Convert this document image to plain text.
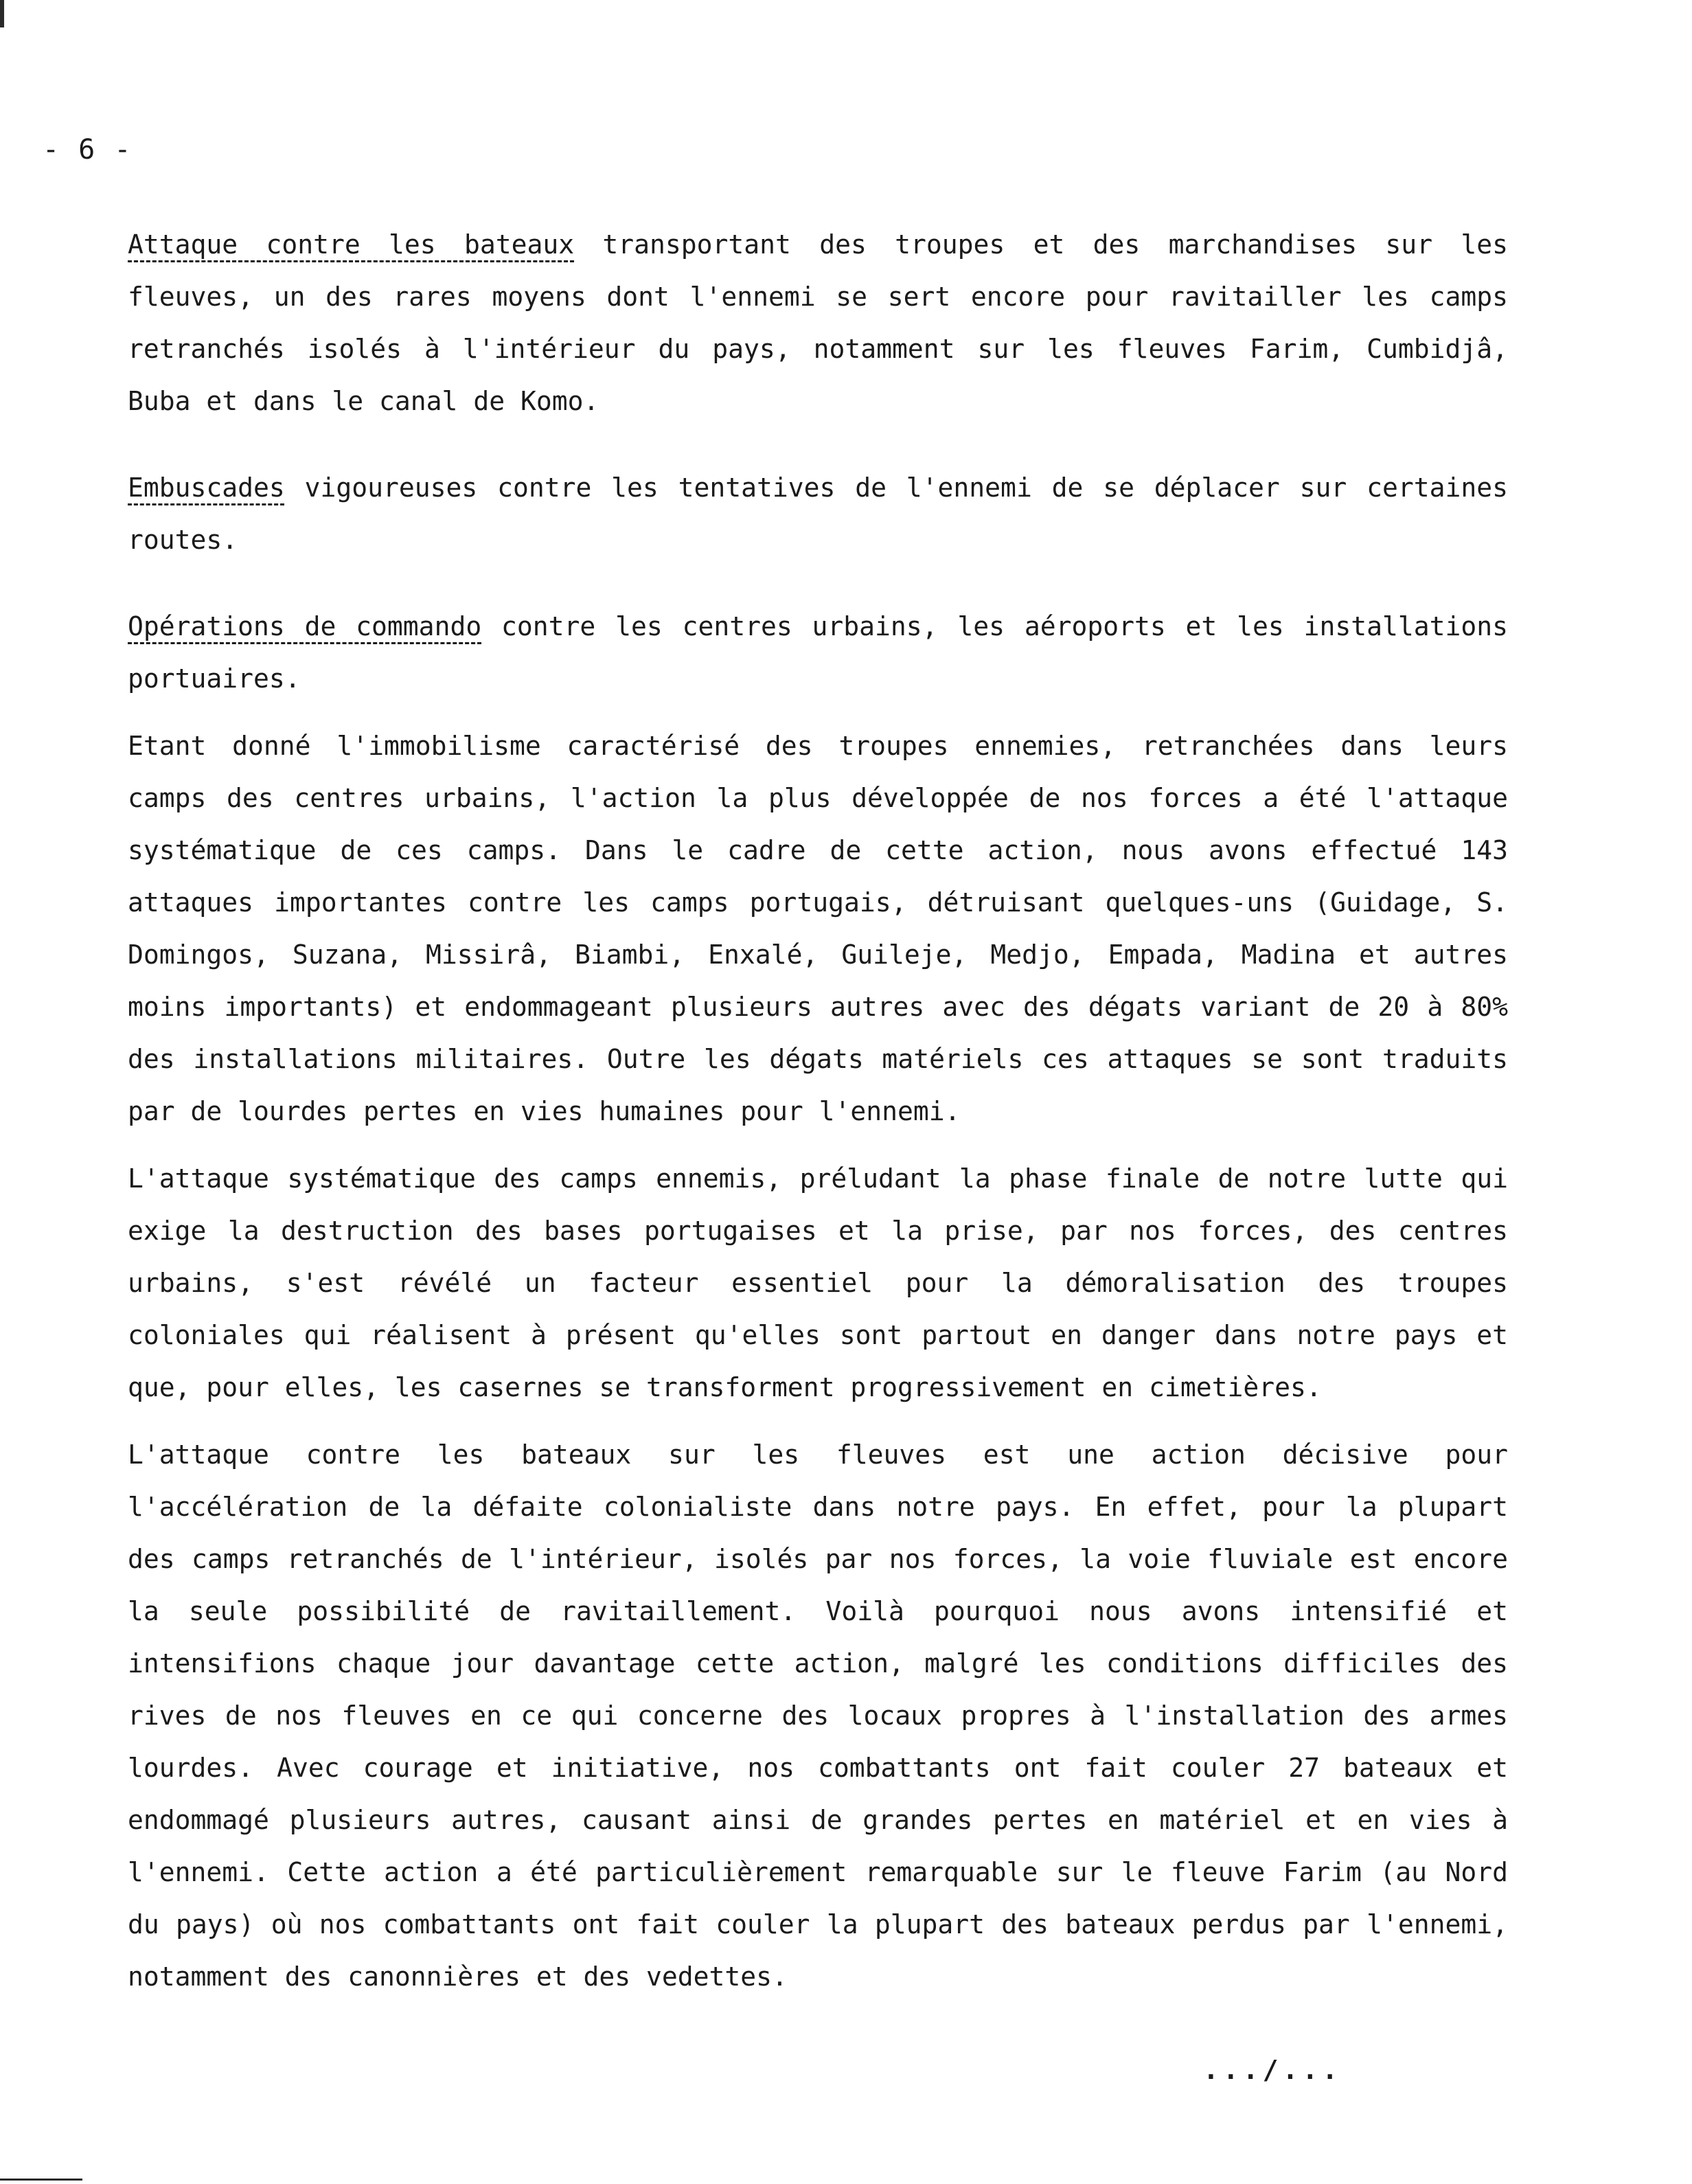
- 6 -

Attaque contre les bateaux transportant des troupes et des marchandises sur les fleuves, un des rares moyens dont l'ennemi se sert encore pour ravitailler les camps retranchés isolés à l'intérieur du pays, notamment sur les fleuves Farim, Cumbidjâ, Buba et dans le canal de Komo.

Embuscades vigoureuses contre les tentatives de l'ennemi de se déplacer sur certaines routes.

Opérations de commando contre les centres urbains, les aéroports et les installations portuaires.

Etant donné l'immobilisme caractérisé des troupes ennemies, retranchées dans leurs camps des centres urbains, l'action la plus développée de nos forces a été l'attaque systématique de ces camps. Dans le cadre de cette action, nous avons effectué 143 attaques importantes contre les camps portugais, détruisant quelques-uns (Guidage, S. Domingos, Suzana, Missirâ, Biambi, Enxalé, Guileje, Medjo, Empada, Madina et autres moins importants) et endommageant plusieurs autres avec des dégats variant de 20 à 80% des installations militaires. Outre les dégats matériels ces attaques se sont traduits par de lourdes pertes en vies humaines pour l'ennemi.

L'attaque systématique des camps ennemis, préludant la phase finale de notre lutte qui exige la destruction des bases portugaises et la prise, par nos forces, des centres urbains, s'est révélé un facteur essentiel pour la démoralisation des troupes coloniales qui réalisent à présent qu'elles sont partout en danger dans notre pays et que, pour elles, les casernes se transforment progressivement en cimetières.

L'attaque contre les bateaux sur les fleuves est une action décisive pour l'accélération de la défaite colonialiste dans notre pays. En effet, pour la plupart des camps retranchés de l'intérieur, isolés par nos forces, la voie fluviale est encore la seule possibilité de ravitaillement. Voilà pourquoi nous avons intensifié et intensifions chaque jour davantage cette action, malgré les conditions difficiles des rives de nos fleuves en ce qui concerne des locaux propres à l'installation des armes lourdes. Avec courage et initiative, nos combattants ont fait couler 27 bateaux et endommagé plusieurs autres, causant ainsi de grandes pertes en matériel et en vies à l'ennemi. Cette action a été particulièrement remarquable sur le fleuve Farim (au Nord du pays) où nos combattants ont fait couler la plupart des bateaux perdus par l'ennemi, notamment des canonnières et des vedettes.

.../...
